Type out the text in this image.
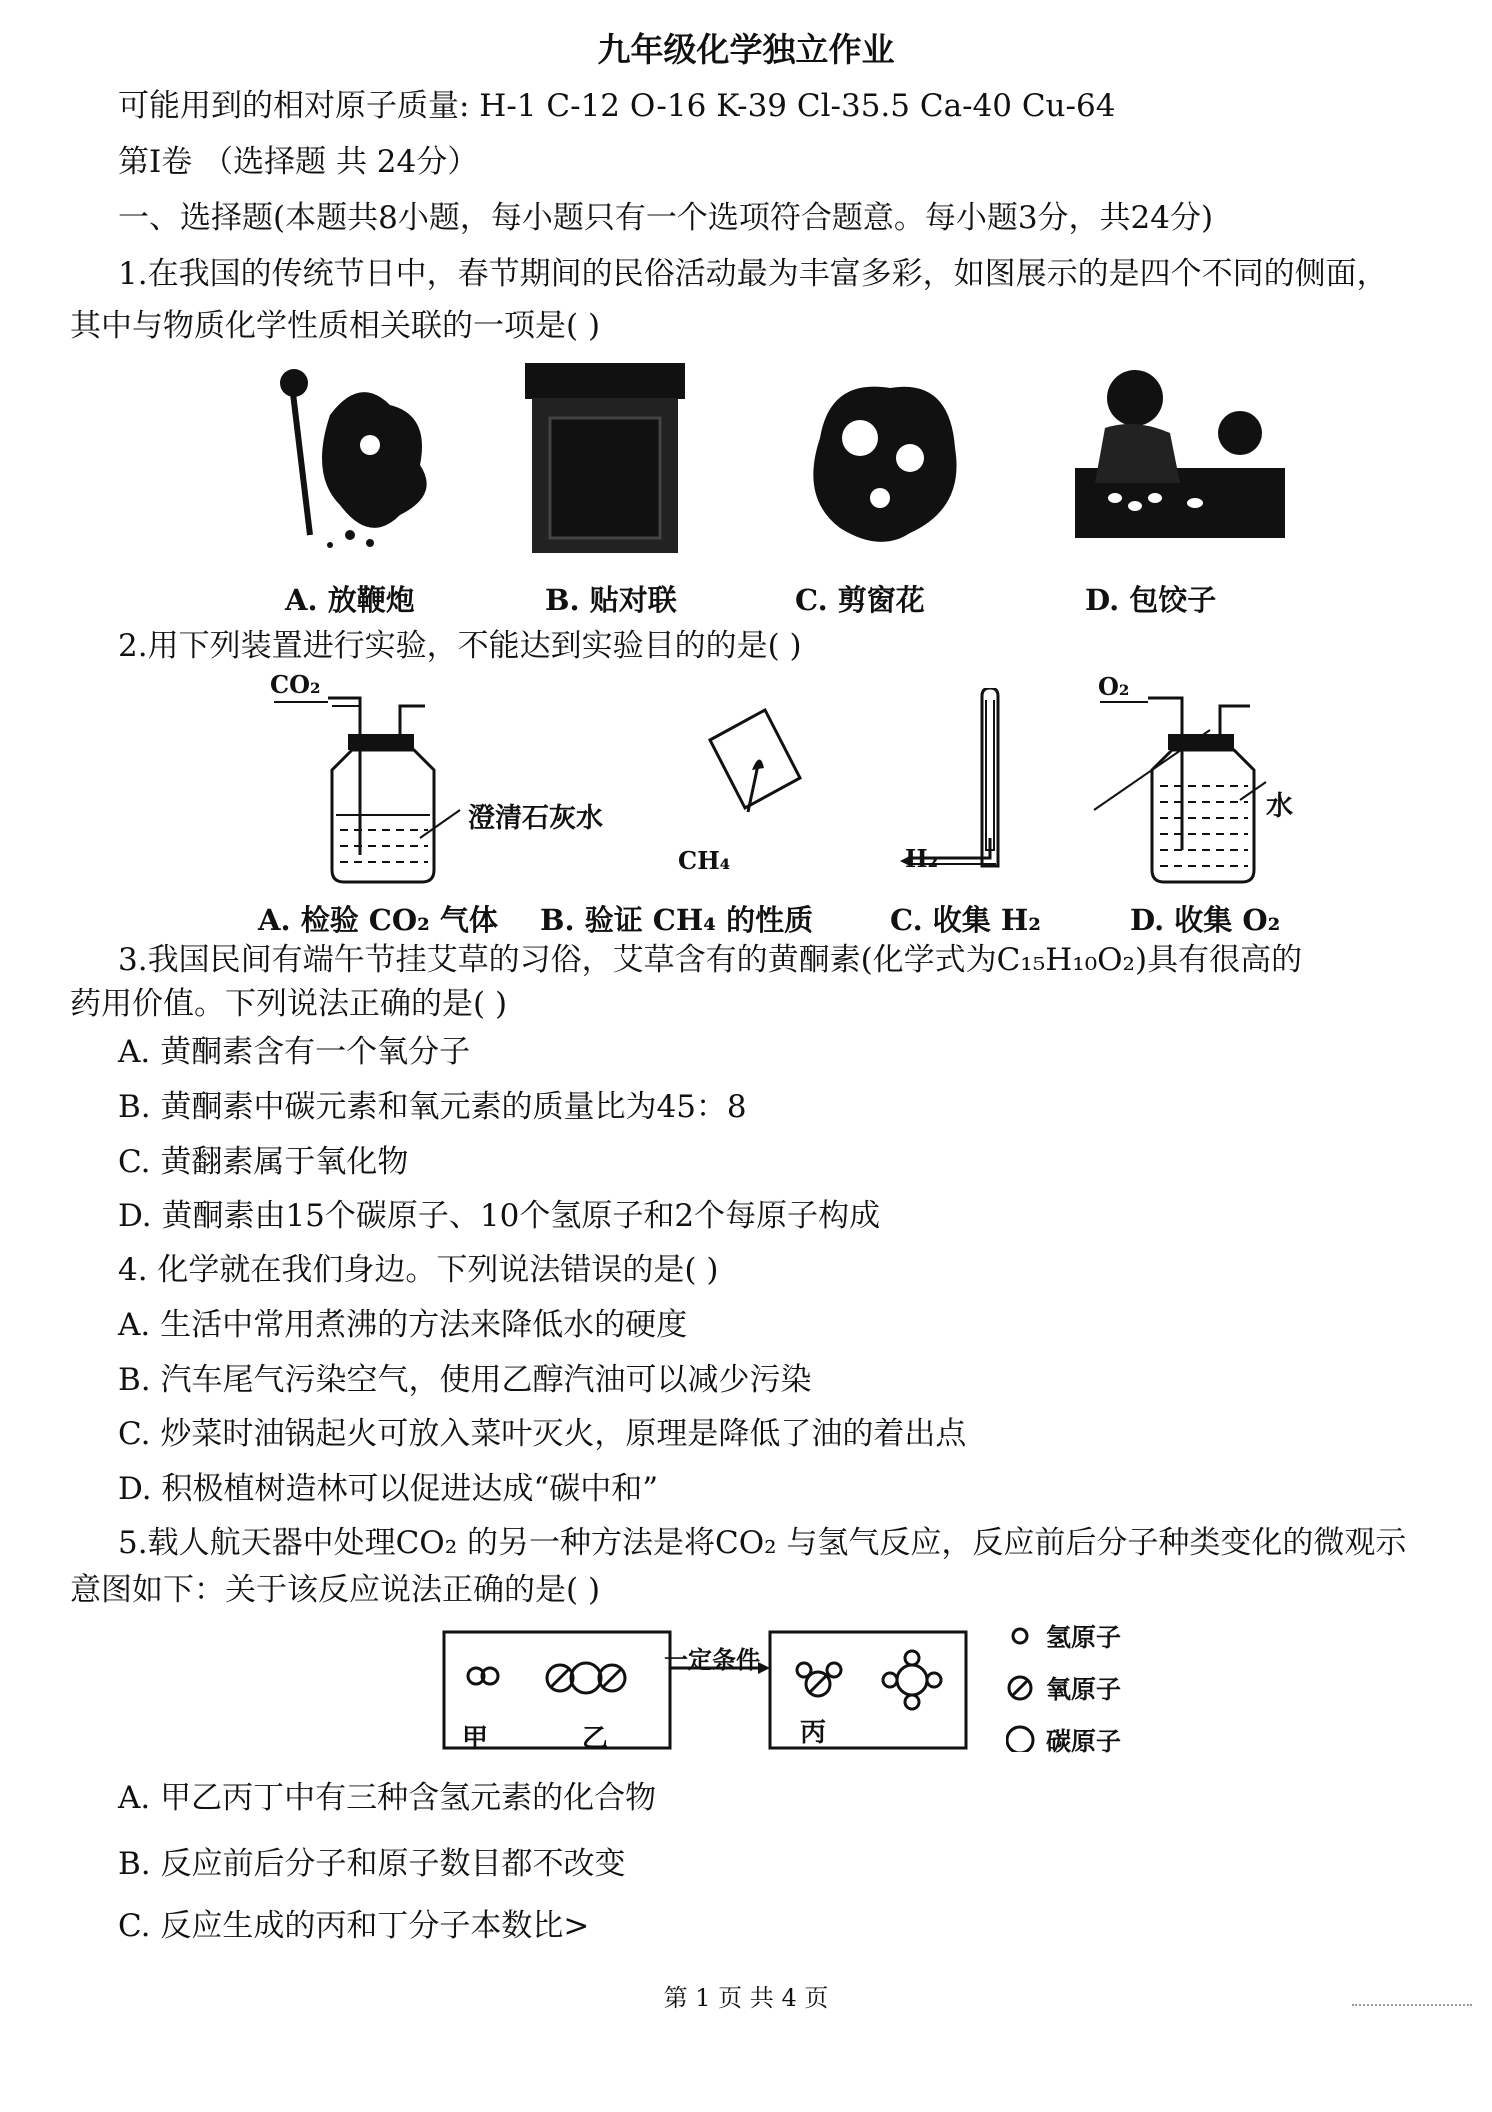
九年级化学独立作业
可能用到的相对原子质量: H-1 C-12 O-16 K-39 Cl-35.5 Ca-40 Cu-64
第Ⅰ卷 （选择题 共 24分）
一、选择题(本题共8小题，每小题只有一个选项符合题意。每小题3分，共24分)
1.在我国的传统节日中，春节期间的民俗活动最为丰富多彩，如图展示的是四个不同的侧面，
其中与物质化学性质相关联的一项是( )
A. 放鞭炮	B. 贴对联	C. 剪窗花	D. 包饺子
2.用下列装置进行实验，不能达到实验目的的是( )
CO₂
澄清石灰水
CH₄	H₂
O₂
水
A. 检验 CO₂ 气体 B. 验证 CH₄ 的性质	C. 收集 H₂	D. 收集 O₂
3.我国民间有端午节挂艾草的习俗，艾草含有的黄酮素(化学式为C₁₅H₁₀O₂)具有很高的
药用价值。下列说法正确的是( )
A. 黄酮素含有一个氧分子
B. 黄酮素中碳元素和氧元素的质量比为45：8
C. 黄翻素属于氧化物
D. 黄酮素由15个碳原子、10个氢原子和2个每原子构成
4. 化学就在我们身边。下列说法错误的是( )
A. 生活中常用煮沸的方法来降低水的硬度
B. 汽车尾气污染空气，使用乙醇汽油可以减少污染
C. 炒菜时油锅起火可放入菜叶灭火，原理是降低了油的着出点
D. 积极植树造林可以促进达成“碳中和”
5.载人航天器中处理CO₂ 的另一种方法是将CO₂ 与氢气反应，反应前后分子种类变化的微观示
意图如下：关于该反应说法正确的是( )
甲	乙	丙
一定条件
氢原子
氧原子
碳原子
A. 甲乙丙丁中有三种含氢元素的化合物
B. 反应前后分子和原子数目都不改变
C. 反应生成的丙和丁分子本数比>
第 1 页 共 4 页
